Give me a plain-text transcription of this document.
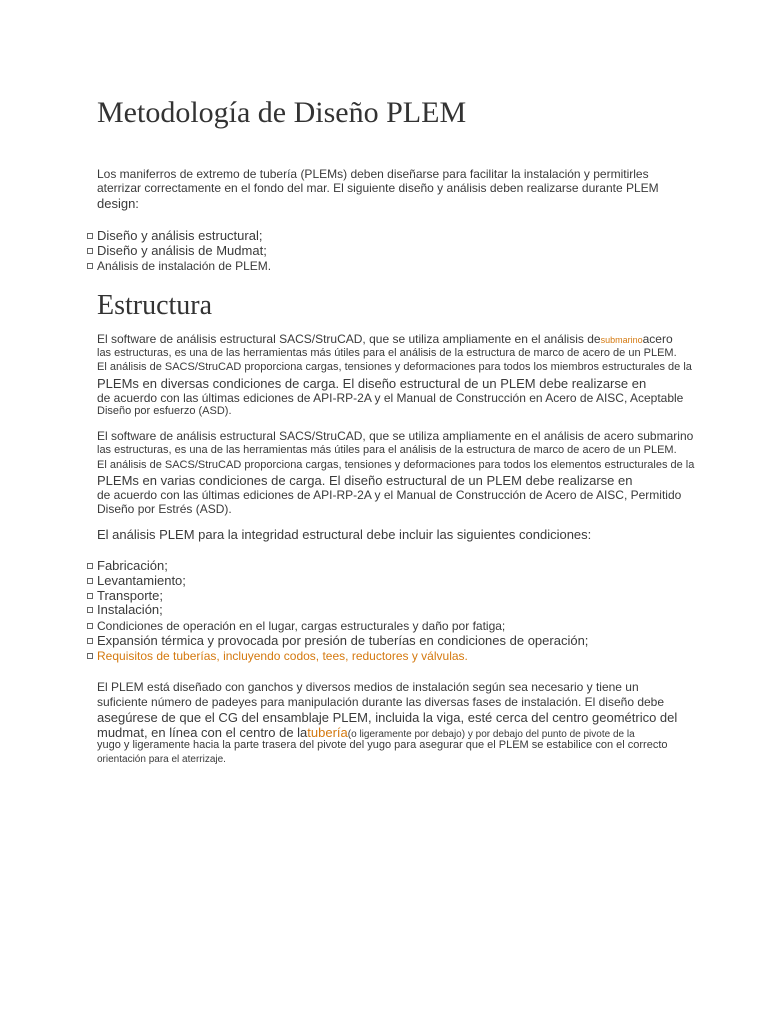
Metodología de Diseño PLEM
Los maniferros de extremo de tubería (PLEMs) deben diseñarse para facilitar la instalación y permitirles
aterrizar correctamente en el fondo del mar. El siguiente diseño y análisis deben realizarse durante PLEM
design:
Diseño y análisis estructural;
Diseño y análisis de Mudmat;
Análisis de instalación de PLEM.
Estructura
El software de análisis estructural SACS/StruCAD, que se utiliza ampliamente en el análisis desubmarinoacero
las estructuras, es una de las herramientas más útiles para el análisis de la estructura de marco de acero de un PLEM.
El análisis de SACS/StruCAD proporciona cargas, tensiones y deformaciones para todos los miembros estructurales de la
PLEMs en diversas condiciones de carga. El diseño estructural de un PLEM debe realizarse en
de acuerdo con las últimas ediciones de API-RP-2A y el Manual de Construcción en Acero de AISC, Aceptable
Diseño por esfuerzo (ASD).
El software de análisis estructural SACS/StruCAD, que se utiliza ampliamente en el análisis de acero submarino
las estructuras, es una de las herramientas más útiles para el análisis de la estructura de marco de acero de un PLEM.
El análisis de SACS/StruCAD proporciona cargas, tensiones y deformaciones para todos los elementos estructurales de la
PLEMs en varias condiciones de carga. El diseño estructural de un PLEM debe realizarse en
de acuerdo con las últimas ediciones de API-RP-2A y el Manual de Construcción de Acero de AISC, Permitido
Diseño por Estrés (ASD).
El análisis PLEM para la integridad estructural debe incluir las siguientes condiciones:
Fabricación;
Levantamiento;
Transporte;
Instalación;
Condiciones de operación en el lugar, cargas estructurales y daño por fatiga;
Expansión térmica y provocada por presión de tuberías en condiciones de operación;
Requisitos de tuberías, incluyendo codos, tees, reductores y válvulas.
El PLEM está diseñado con ganchos y diversos medios de instalación según sea necesario y tiene un
suficiente número de padeyes para manipulación durante las diversas fases de instalación. El diseño debe
asegúrese de que el CG del ensamblaje PLEM, incluida la viga, esté cerca del centro geométrico del
mudmat, en línea con el centro de latubería(o ligeramente por debajo) y por debajo del punto de pivote de la
yugo y ligeramente hacia la parte trasera del pivote del yugo para asegurar que el PLEM se estabilice con el correcto
orientación para el aterrizaje.
